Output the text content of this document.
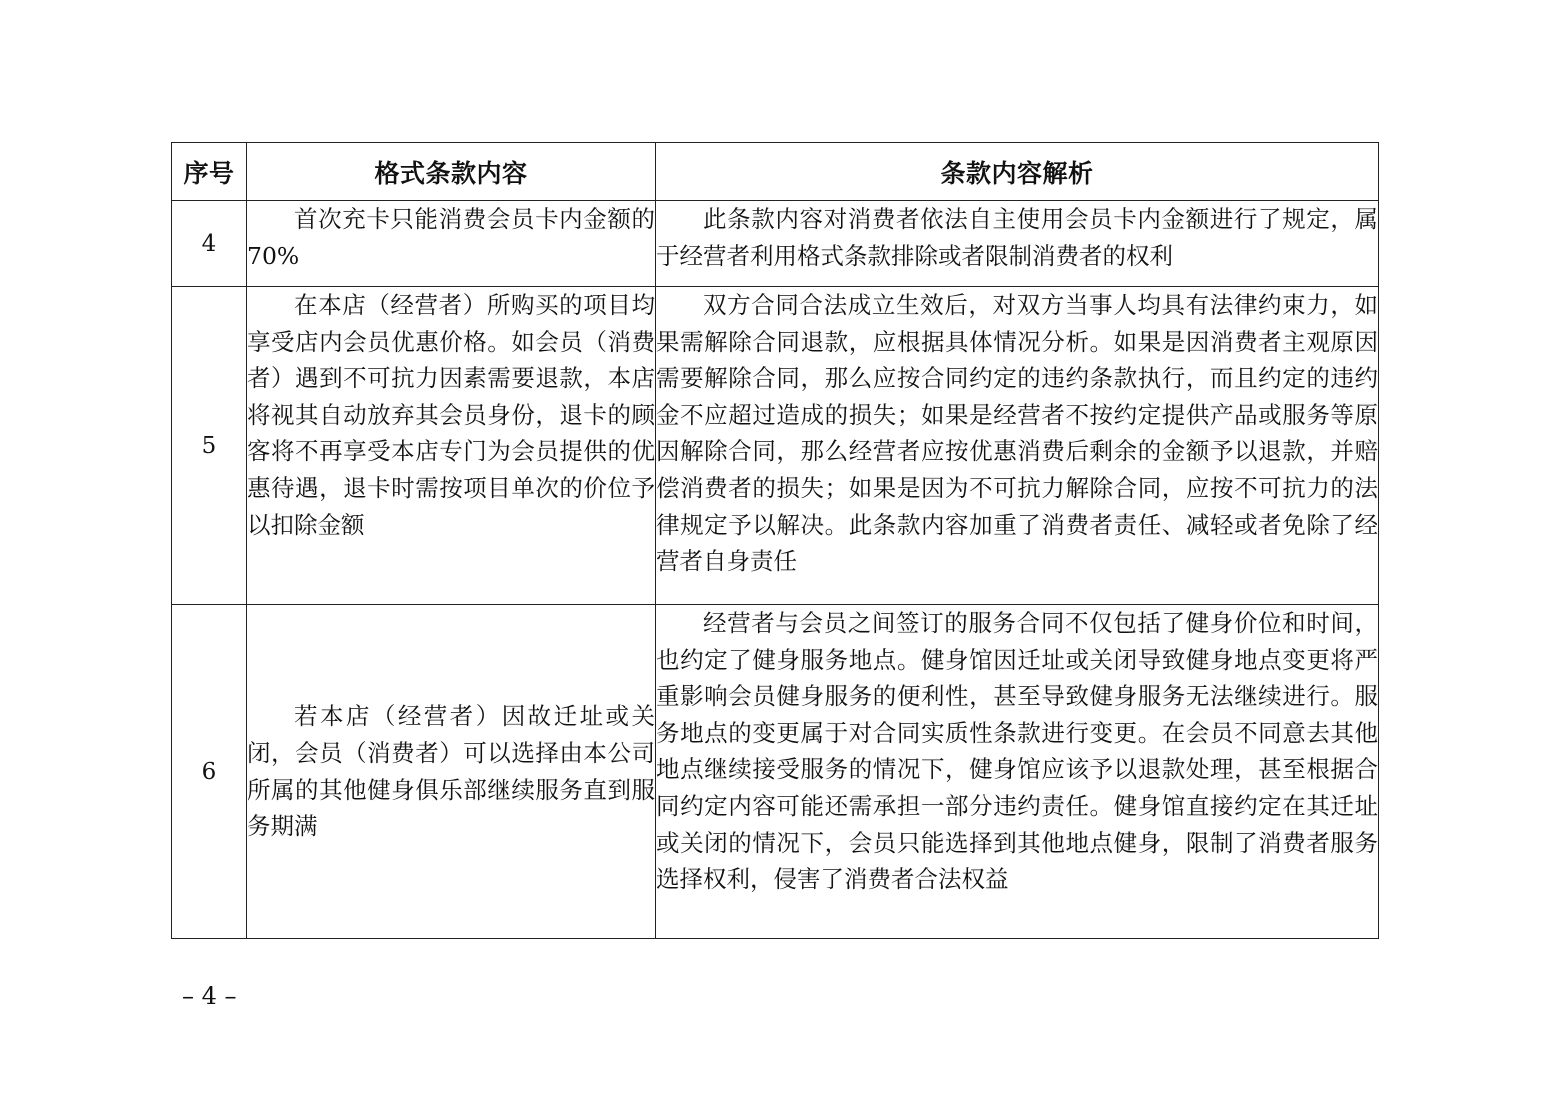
序号	格式条款内容	条款内容解析
4	首次充卡只能消费会员卡内金额的 70%	此条款内容对消费者依法自主使用会员卡内金额进行了规定，属于经营者利用格式条款排除或者限制消费者的权利
5	在本店（经营者）所购买的项目均享受店内会员优惠价格。如会员（消费者）遇到不可抗力因素需要退款，本店将视其自动放弃其会员身份，退卡的顾客将不再享受本店专门为会员提供的优惠待遇，退卡时需按项目单次的价位予以扣除金额	双方合同合法成立生效后，对双方当事人均具有法律约束力，如果需解除合同退款，应根据具体情况分析。如果是因消费者主观原因需要解除合同，那么应按合同约定的违约条款执行，而且约定的违约金不应超过造成的损失；如果是经营者不按约定提供产品或服务等原因解除合同，那么经营者应按优惠消费后剩余的金额予以退款，并赔偿消费者的损失；如果是因为不可抗力解除合同，应按不可抗力的法律规定予以解决。此条款内容加重了消费者责任、减轻或者免除了经营者自身责任
6	若本店（经营者）因故迁址或关闭，会员（消费者）可以选择由本公司所属的其他健身俱乐部继续服务直到服务期满	经营者与会员之间签订的服务合同不仅包括了健身价位和时间，也约定了健身服务地点。健身馆因迁址或关闭导致健身地点变更将严重影响会员健身服务的便利性，甚至导致健身服务无法继续进行。服务地点的变更属于对合同实质性条款进行变更。在会员不同意去其他地点继续接受服务的情况下，健身馆应该予以退款处理，甚至根据合同约定内容可能还需承担一部分违约责任。健身馆直接约定在其迁址或关闭的情况下，会员只能选择到其他地点健身，限制了消费者服务选择权利，侵害了消费者合法权益
– 4 –
